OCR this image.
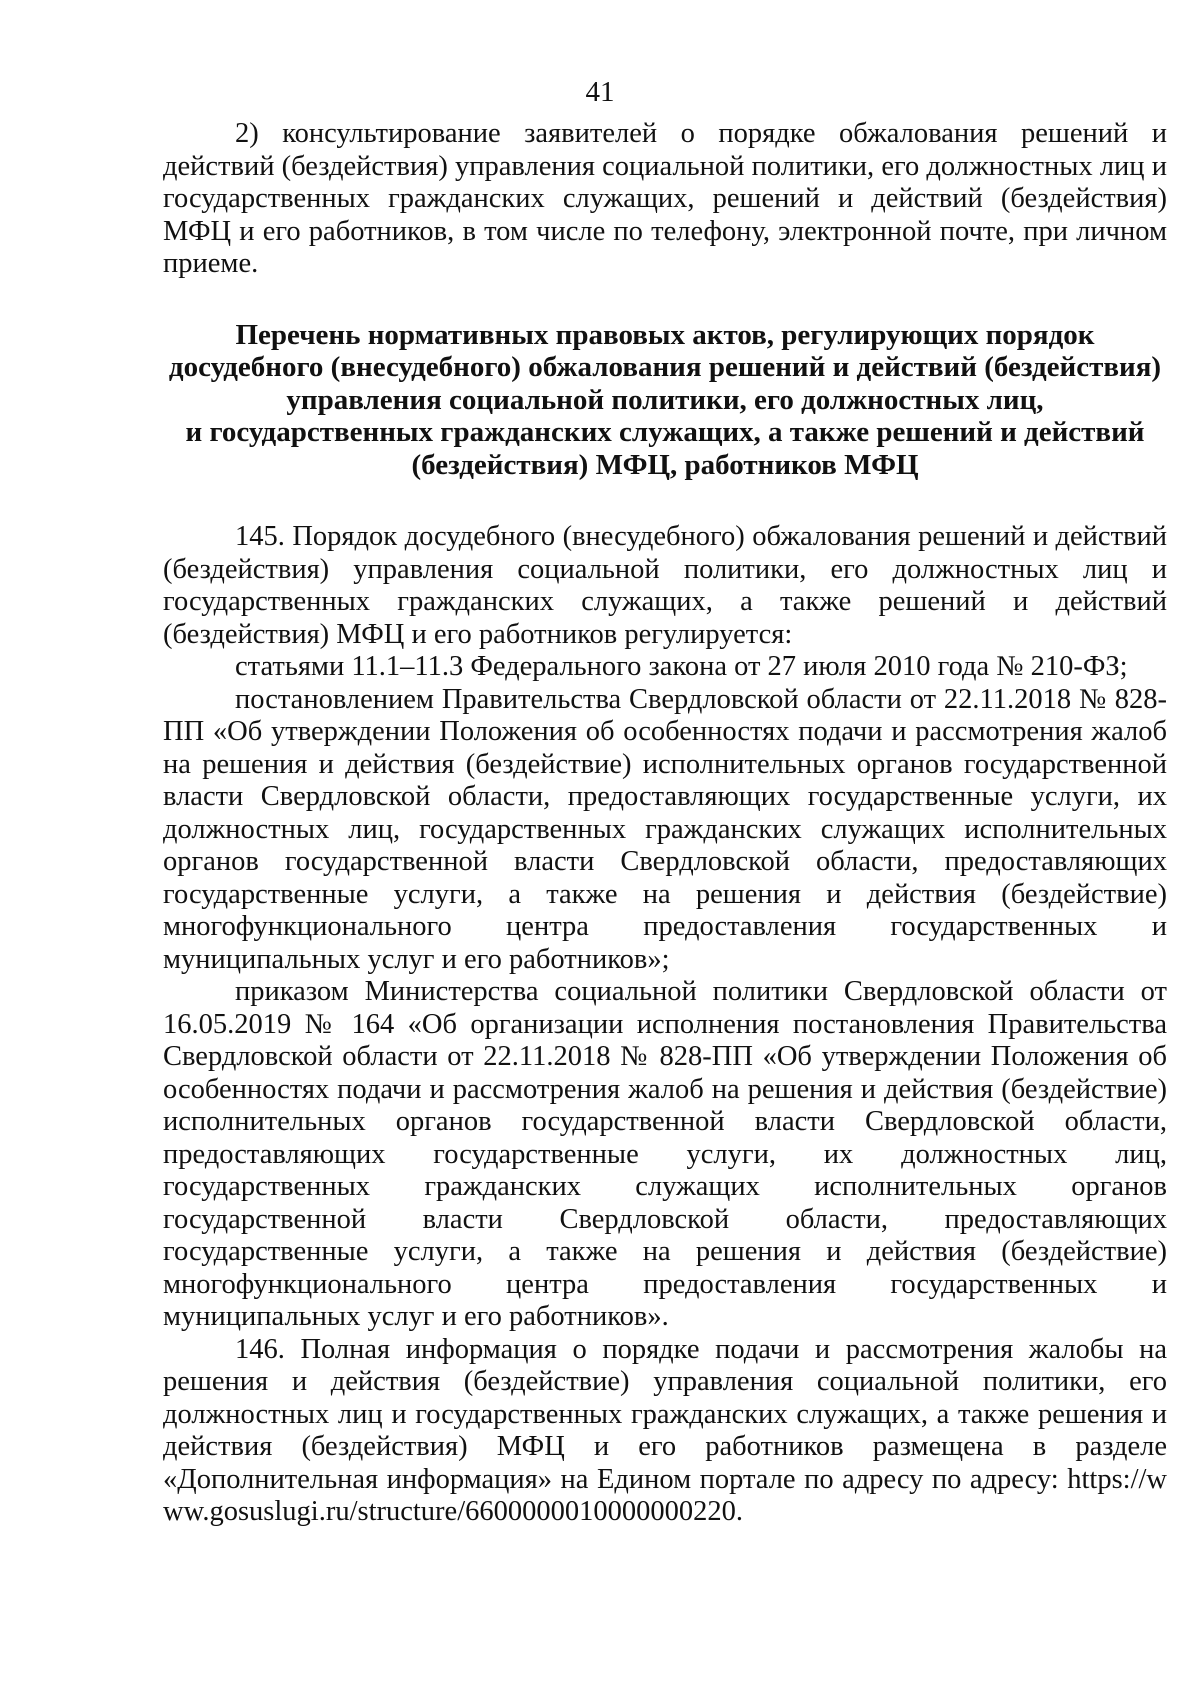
41

2) консультирование заявителей о порядке обжалования решений и действий (бездействия) управления социальной политики, его должностных лиц и государственных гражданских служащих, решений и действий (бездействия) МФЦ и его работников, в том числе по телефону, электронной почте, при личном приеме.

Перечень нормативных правовых актов, регулирующих порядок
досудебного (внесудебного) обжалования решений и действий (бездействия)
управления социальной политики, его должностных лиц,
и государственных гражданских служащих, а также решений и действий
(бездействия) МФЦ, работников МФЦ

145. Порядок досудебного (внесудебного) обжалования решений и действий (бездействия) управления социальной политики, его должностных лиц и государственных гражданских служащих, а также решений и действий (бездействия) МФЦ и его работников регулируется:

статьями 11.1–11.3 Федерального закона от 27 июля 2010 года № 210-ФЗ;

постановлением Правительства Свердловской области от 22.11.2018 № 828-ПП «Об утверждении Положения об особенностях подачи и рассмотрения жалоб на решения и действия (бездействие) исполнительных органов государственной власти Свердловской области, предоставляющих государственные услуги, их должностных лиц, государственных гражданских служащих исполнительных органов государственной власти Свердловской области, предоставляющих государственные услуги, а также на решения и действия (бездействие) многофункционального центра предоставления государственных и муниципальных услуг и его работников»;

приказом Министерства социальной политики Свердловской области от 16.05.2019 № 164 «Об организации исполнения постановления Правительства Свердловской области от 22.11.2018 № 828-ПП «Об утверждении Положения об особенностях подачи и рассмотрения жалоб на решения и действия (бездействие) исполнительных органов государственной власти Свердловской области, предоставляющих государственные услуги, их должностных лиц, государственных гражданских служащих исполнительных органов государственной власти Свердловской области, предоставляющих государственные услуги, а также на решения и действия (бездействие) многофункционального центра предоставления государственных и муниципальных услуг и его работников».

146. Полная информация о порядке подачи и рассмотрения жалобы на решения и действия (бездействие) управления социальной политики, его должностных лиц и государственных гражданских служащих, а также решения и действия (бездействия) МФЦ и его работников размещена в разделе «Дополнительная информация» на Едином портале по адресу по адресу: https://www.gosuslugi.ru/structure/6600000010000000220.
